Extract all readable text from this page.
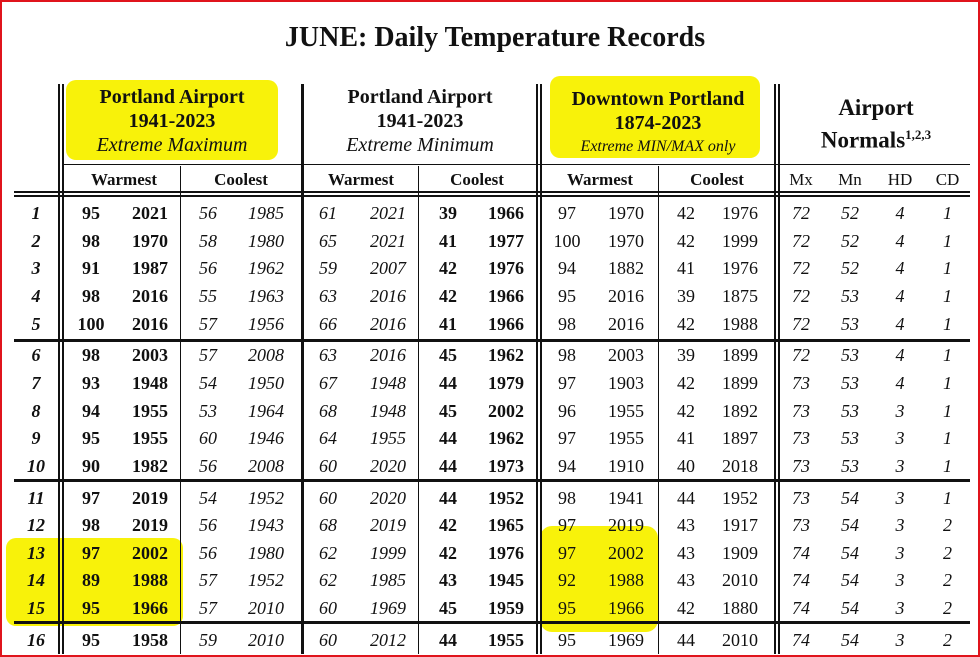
JUNE: Daily Temperature Records
Portland Airport
1941-2023
Extreme Maximum
Portland Airport
1941-2023
Extreme Minimum
Downtown Portland
1874-2023
Extreme MIN/MAX only
Airport
Normals$^{1,2,3}$
Warmest	Coolest	Warmest	Coolest	Warmest	Coolest	Mx	Mn	HD	CD
1	95	2021	56	1985	61	2021	39	1966	97	1970	42	1976	72	52	4	1
2	98	1970	58	1980	65	2021	41	1977	100	1970	42	1999	72	52	4	1
3	91	1987	56	1962	59	2007	42	1976	94	1882	41	1976	72	52	4	1
4	98	2016	55	1963	63	2016	42	1966	95	2016	39	1875	72	53	4	1
5	100	2016	57	1956	66	2016	41	1966	98	2016	42	1988	72	53	4	1
6	98	2003	57	2008	63	2016	45	1962	98	2003	39	1899	72	53	4	1
7	93	1948	54	1950	67	1948	44	1979	97	1903	42	1899	73	53	4	1
8	94	1955	53	1964	68	1948	45	2002	96	1955	42	1892	73	53	3	1
9	95	1955	60	1946	64	1955	44	1962	97	1955	41	1897	73	53	3	1
10	90	1982	56	2008	60	2020	44	1973	94	1910	40	2018	73	53	3	1
11	97	2019	54	1952	60	2020	44	1952	98	1941	44	1952	73	54	3	1
12	98	2019	56	1943	68	2019	42	1965	97	2019	43	1917	73	54	3	2
13	97	2002	56	1980	62	1999	42	1976	97	2002	43	1909	74	54	3	2
14	89	1988	57	1952	62	1985	43	1945	92	1988	43	2010	74	54	3	2
15	95	1966	57	2010	60	1969	45	1959	95	1966	42	1880	74	54	3	2
16	95	1958	59	2010	60	2012	44	1955	95	1969	44	2010	74	54	3	2
